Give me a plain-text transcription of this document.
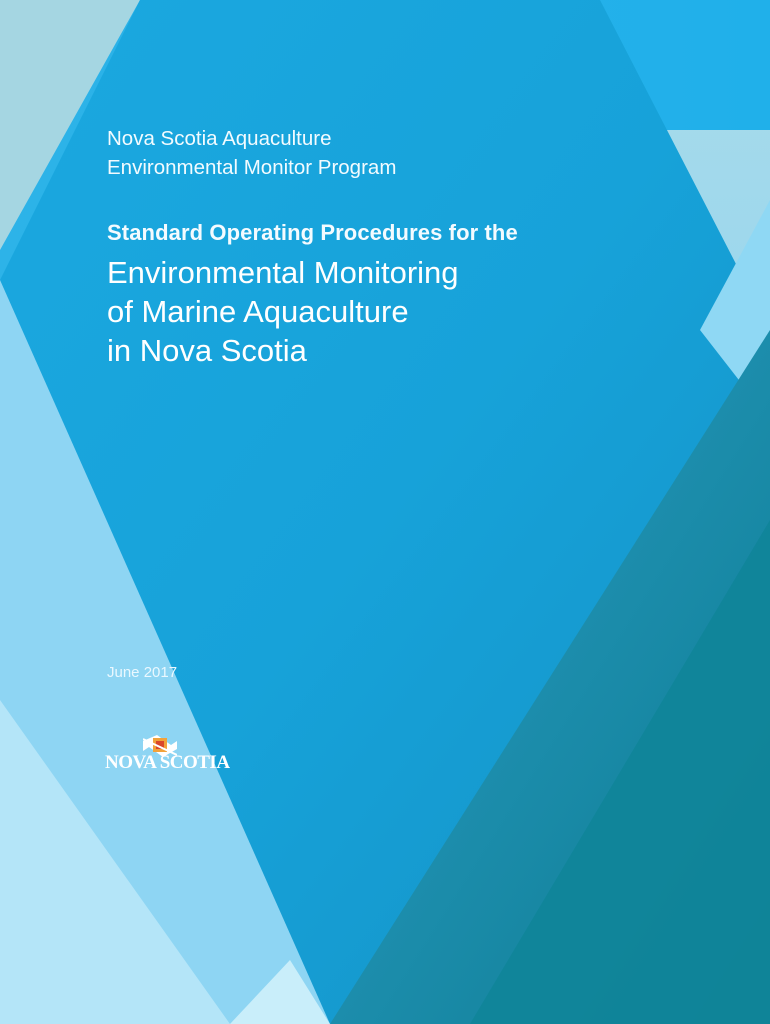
Nova Scotia Aquaculture
Environmental Monitor Program
Standard Operating Procedures for the
Environmental Monitoring
of Marine Aquaculture
in Nova Scotia
June 2017
NOVA SCOTIA
